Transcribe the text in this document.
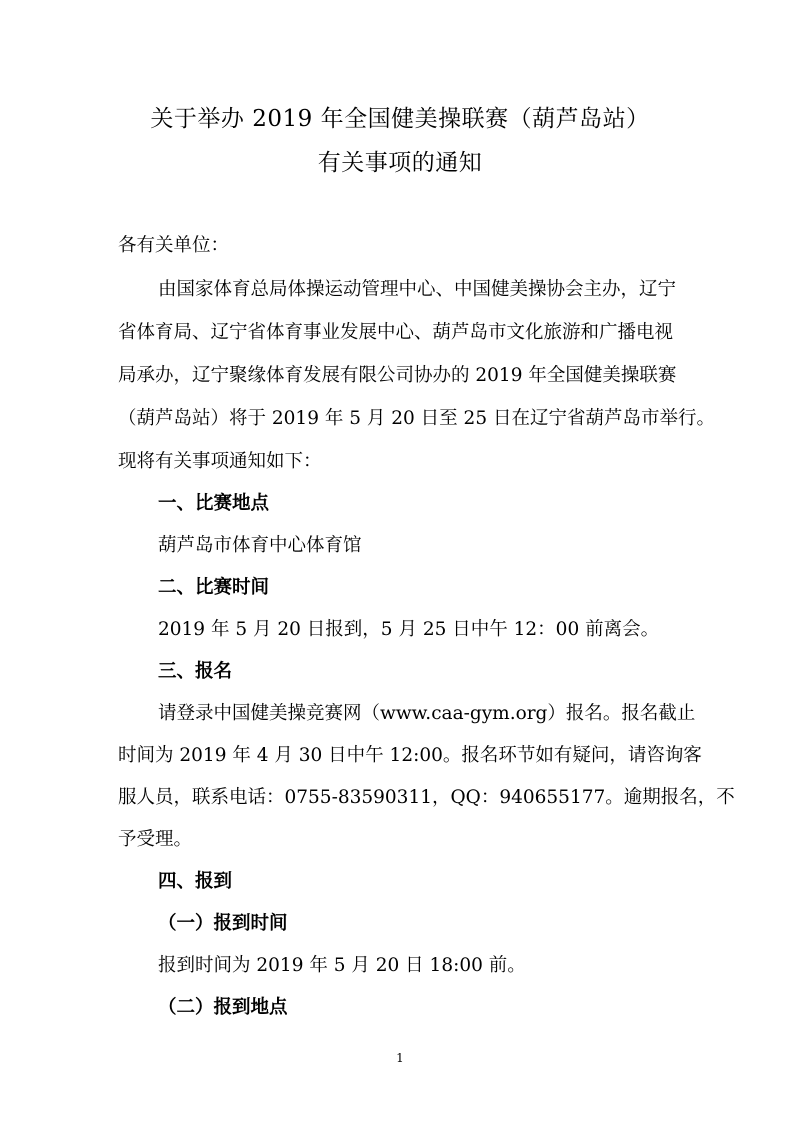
关于举办 2019 年全国健美操联赛（葫芦岛站）
有关事项的通知
各有关单位：
由国家体育总局体操运动管理中心、中国健美操协会主办，辽宁
省体育局、辽宁省体育事业发展中心、葫芦岛市文化旅游和广播电视
局承办，辽宁聚缘体育发展有限公司协办的 2019 年全国健美操联赛
（葫芦岛站）将于 2019 年 5 月 20 日至 25 日在辽宁省葫芦岛市举行。
现将有关事项通知如下：
一、比赛地点
葫芦岛市体育中心体育馆
二、比赛时间
2019 年 5 月 20 日报到，5 月 25 日中午 12：00 前离会。
三、报名
请登录中国健美操竞赛网（www.caa-gym.org）报名。报名截止
时间为 2019 年 4 月 30 日中午 12:00。报名环节如有疑问，请咨询客
服人员，联系电话：0755-83590311，QQ：940655177。逾期报名，不
予受理。
四、报到
（一）报到时间
报到时间为 2019 年 5 月 20 日 18:00 前。
（二）报到地点
1
